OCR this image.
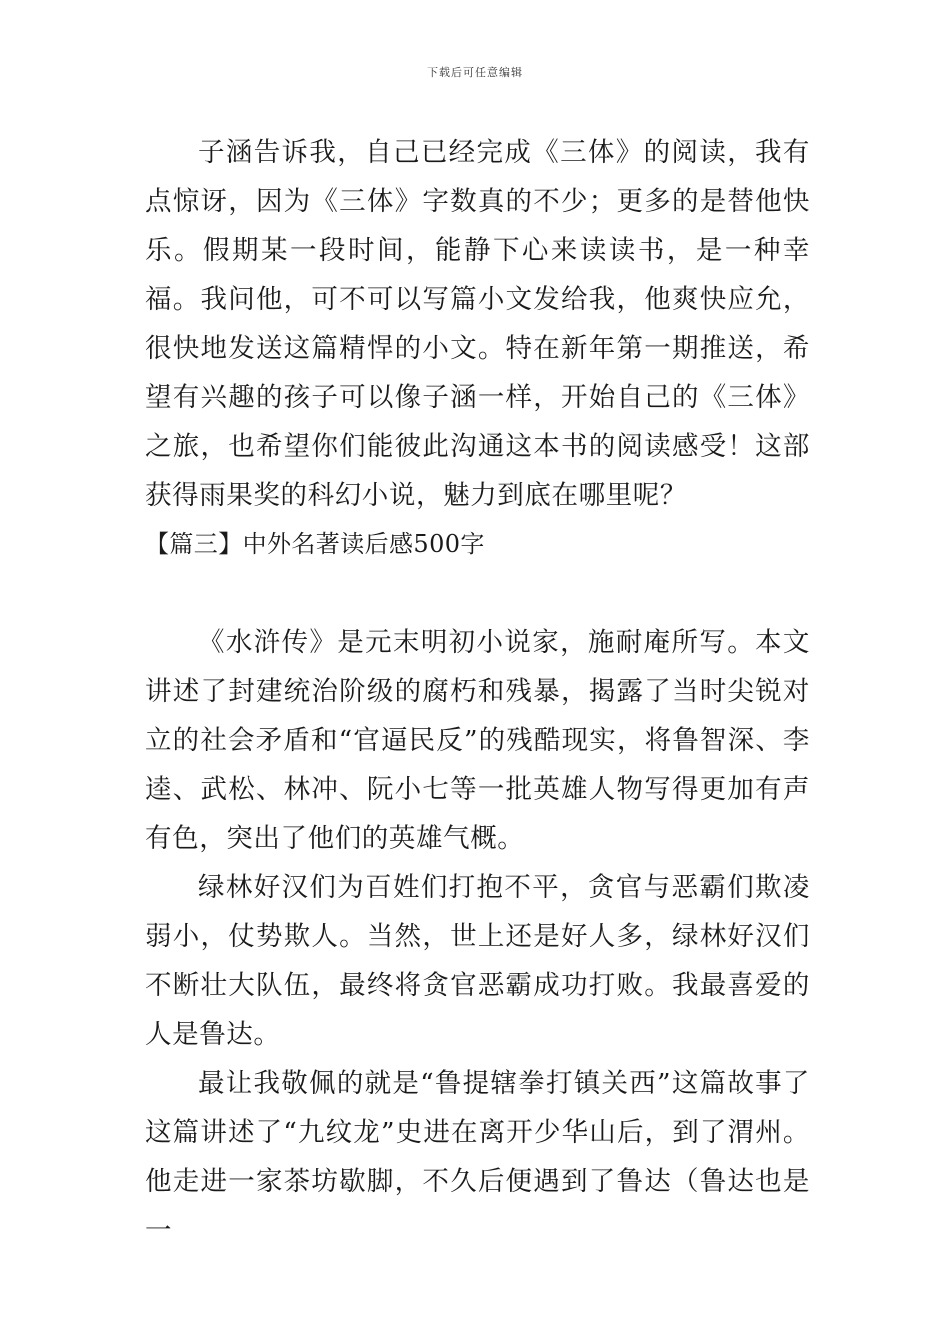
下载后可任意编辑

子涵告诉我，自己已经完成《三体》的阅读，我有点惊讶，因为《三体》字数真的不少；更多的是替他快乐。假期某一段时间，能静下心来读读书，是一种幸福。我问他，可不可以写篇小文发给我，他爽快应允，很快地发送这篇精悍的小文。特在新年第一期推送，希望有兴趣的孩子可以像子涵一样，开始自己的《三体》之旅，也希望你们能彼此沟通这本书的阅读感受！这部获得雨果奖的科幻小说，魅力到底在哪里呢？

【篇三】中外名著读后感500字

《水浒传》是元末明初小说家，施耐庵所写。本文讲述了封建统治阶级的腐朽和残暴，揭露了当时尖锐对立的社会矛盾和“官逼民反”的残酷现实，将鲁智深、李逵、武松、林冲、阮小七等一批英雄人物写得更加有声有色，突出了他们的英雄气概。

绿林好汉们为百姓们打抱不平，贪官与恶霸们欺凌弱小，仗势欺人。当然，世上还是好人多，绿林好汉们不断壮大队伍，最终将贪官恶霸成功打败。我最喜爱的人是鲁达。

最让我敬佩的就是“鲁提辖拳打镇关西”这篇故事了这篇讲述了“九纹龙”史进在离开少华山后，到了渭州。他走进一家茶坊歇脚，不久后便遇到了鲁达（鲁达也是一
